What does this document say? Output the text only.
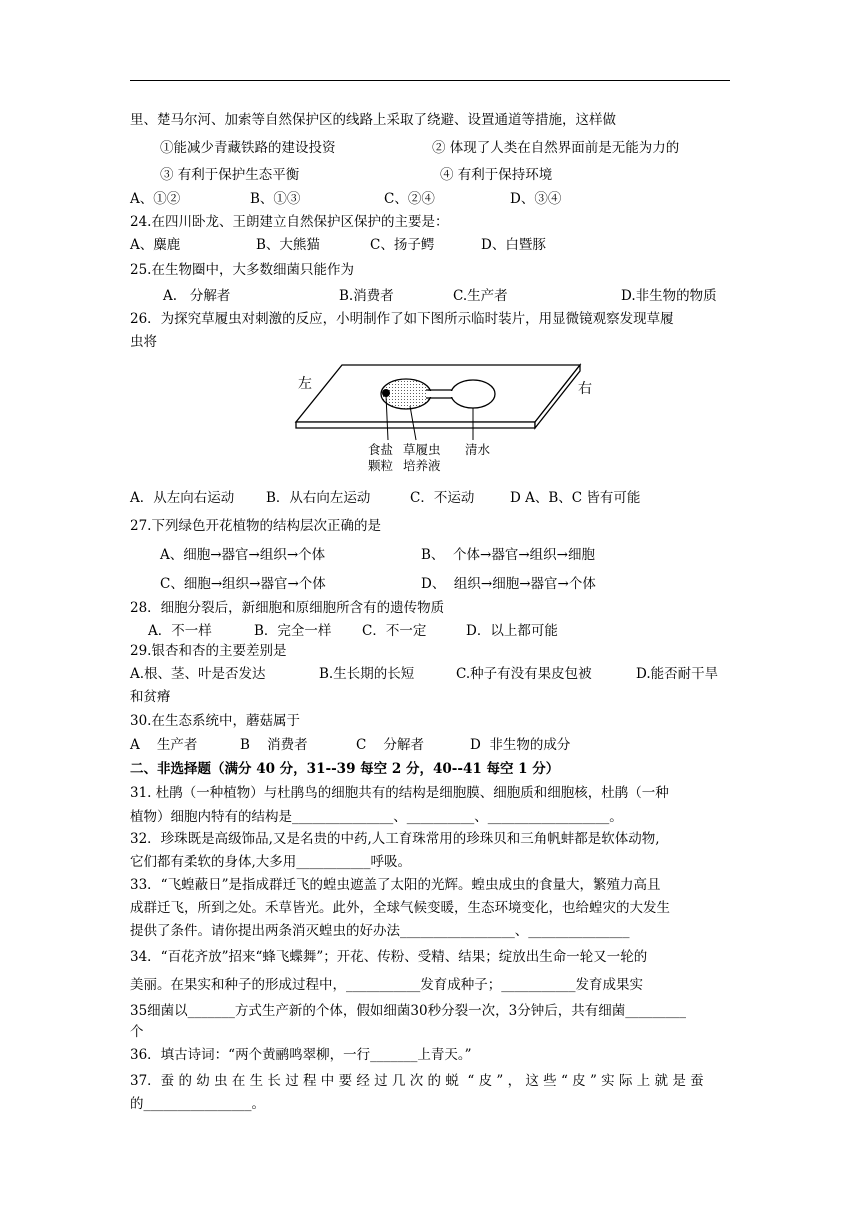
里、楚马尔河、加索等自然保护区的线路上采取了绕避、设置通道等措施，这样做
①能减少青藏铁路的建设投资	② 体现了人类在自然界面前是无能为力的
③ 有利于保护生态平衡	④ 有利于保持环境
A、①②	B、①③	C、②④	D、③④
24.在四川卧龙、王朗建立自然保护区保护的主要是：
A、麋鹿	B、大熊猫	C、扬子鳄	D、白暨豚
25.在生物圈中，大多数细菌只能作为
A.   分解者	B.消费者	C.生产者	D.非生物的物质
26．为探究草履虫对刺激的反应，小明制作了如下图所示临时装片，用显微镜观察发现草履
虫将
左	右
食盐
颗粒
草履虫
培养液
清水
A．从左向右运动 B．从右向左运动	C．不运动	D A、B、C 皆有可能
27.下列绿色开花植物的结构层次正确的是
A、细胞→器官→组织→个体	B、  个体→器官→组织→细胞
C、细胞→组织→器官→个体	D、  组织→细胞→器官→个体
28．细胞分裂后，新细胞和原细胞所含有的遗传物质
A．不一样	B．完全一样 C．不一定	D．以上都可能
29.银杏和杏的主要差别是
A.根、茎、叶是否发达	B.生长期的长短	C.种子有没有果皮包被	D.能否耐干旱
和贫瘠
30.在生态系统中，蘑菇属于
A    生产者	B    消费者	C    分解者	D  非生物的成分
二、非选择题（满分 40 分，31--39 每空 2 分，40--41 每空 1 分）
31. 杜鹃（一种植物）与杜鹃鸟的细胞共有的结构是细胞膜、细胞质和细胞核，杜鹃（一种
植物）细胞内特有的结构是_______________、__________、__________________。
32．珍珠既是高级饰品,又是名贵的中药,人工育珠常用的珍珠贝和三角帆蚌都是软体动物,
它们都有柔软的身体,大多用___________呼吸。
33．“飞蝗蔽日”是指成群迁飞的蝗虫遮盖了太阳的光辉。蝗虫成虫的食量大，繁殖力高且
成群迁飞，所到之处。禾草皆光。此外，全球气候变暖，生态环境变化，也给蝗灾的大发生
提供了条件。请你提出两条消灭蝗虫的好办法_________________、_______________
34．“百花齐放”招来“蜂飞蝶舞”；开花、传粉、受精、结果；绽放出生命一轮又一轮的
美丽。在果实和种子的形成过程中，___________发育成种子；___________发育成果实
35细菌以_______方式生产新的个体，假如细菌30秒分裂一次，3分钟后，共有细菌_________
个
36．填古诗词：“两个黄鹂鸣翠柳，一行_______上青天。”
37．蚕 的 幼 虫 在 生 长 过 程 中 要 经 过 几 次 的 蜕  “ 皮 ” ， 这 些 “ 皮 ” 实 际 上 就 是 蚕
的________________。
